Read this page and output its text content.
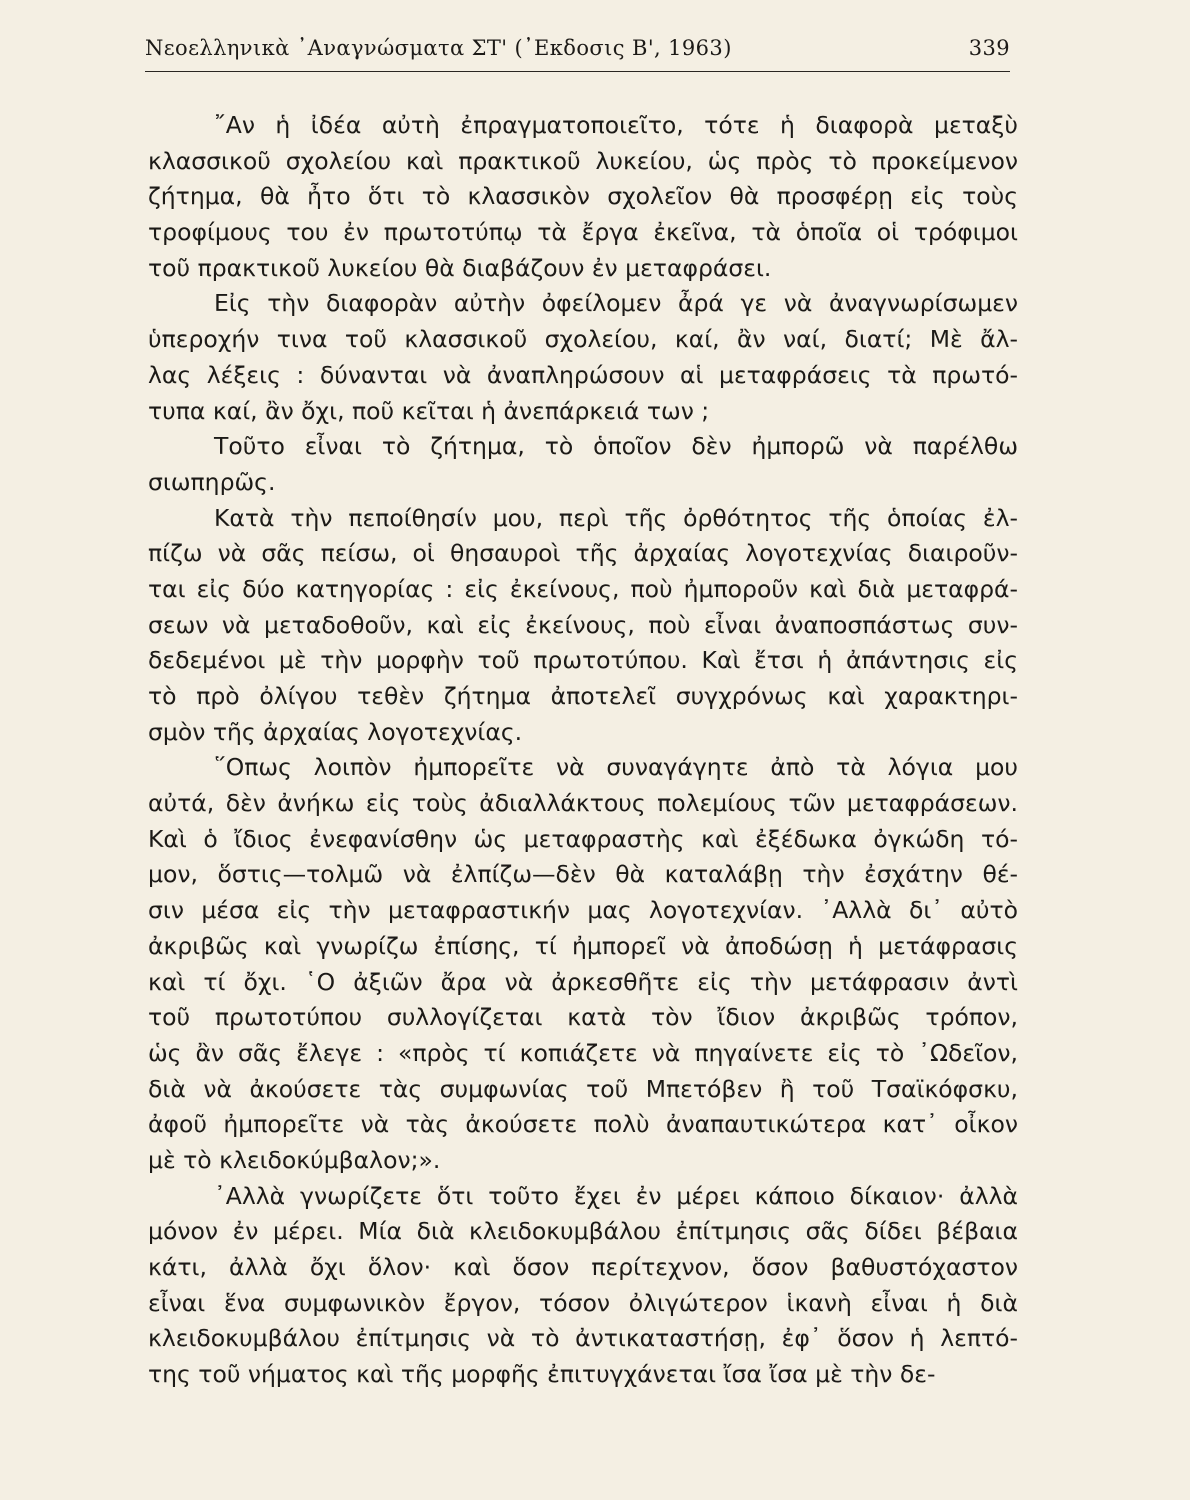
Νεοελληνικὰ ᾿Αναγνώσματα ΣΤ' (᾿Εκδοσις Β', 1963)	339
῎Αν ἡ ἰδέα αὐτὴ ἐπραγματοποιεῖτο, τότε ἡ διαφορὰ μεταξὺ
κλασσικοῦ σχολείου καὶ πρακτικοῦ λυκείου, ὡς πρὸς τὸ προκείμενον
ζήτημα, θὰ ἦτο ὅτι τὸ κλασσικὸν σχολεῖον θὰ προσφέρῃ εἰς τοὺς
τροφίμους του ἐν πρωτοτύπῳ τὰ ἔργα ἐκεῖνα, τὰ ὁποῖα οἱ τρόφιμοι
τοῦ πρακτικοῦ λυκείου θὰ διαβάζουν ἐν μεταφράσει.
Εἰς τὴν διαφορὰν αὐτὴν ὀφείλομεν ἆρά γε νὰ ἀναγνωρίσωμεν
ὑπεροχήν τινα τοῦ κλασσικοῦ σχολείου, καί, ἂν ναί, διατί; Μὲ ἄλ-
λας λέξεις : δύνανται νὰ ἀναπληρώσουν αἱ μεταφράσεις τὰ πρωτό-
τυπα καί, ἂν ὄχι, ποῦ κεῖται ἡ ἀνεπάρκειά των ;
Τοῦτο εἶναι τὸ ζήτημα, τὸ ὁποῖον δὲν ἠμπορῶ νὰ παρέλθω
σιωπηρῶς.
Κατὰ τὴν πεποίθησίν μου, περὶ τῆς ὀρθότητος τῆς ὁποίας ἐλ-
πίζω νὰ σᾶς πείσω, οἱ θησαυροὶ τῆς ἀρχαίας λογοτεχνίας διαιροῦν-
ται εἰς δύο κατηγορίας : εἰς ἐκείνους, ποὺ ἠμποροῦν καὶ διὰ μεταφρά-
σεων νὰ μεταδοθοῦν, καὶ εἰς ἐκείνους, ποὺ εἶναι ἀναποσπάστως συν-
δεδεμένοι μὲ τὴν μορφὴν τοῦ πρωτοτύπου. Καὶ ἔτσι ἡ ἀπάντησις εἰς
τὸ πρὸ ὀλίγου τεθὲν ζήτημα ἀποτελεῖ συγχρόνως καὶ χαρακτηρι-
σμὸν τῆς ἀρχαίας λογοτεχνίας.
῞Οπως λοιπὸν ἠμπορεῖτε νὰ συναγάγητε ἀπὸ τὰ λόγια μου
αὐτά, δὲν ἀνήκω εἰς τοὺς ἀδιαλλάκτους πολεμίους τῶν μεταφράσεων.
Καὶ ὁ ἴδιος ἐνεφανίσθην ὡς μεταφραστὴς καὶ ἐξέδωκα ὀγκώδη τό-
μον, ὅστις—τολμῶ νὰ ἐλπίζω—δὲν θὰ καταλάβῃ τὴν ἐσχάτην θέ-
σιν μέσα εἰς τὴν μεταφραστικήν μας λογοτεχνίαν. ᾿Αλλὰ δι᾿ αὐτὸ
ἀκριβῶς καὶ γνωρίζω ἐπίσης, τί ἠμπορεῖ νὰ ἀποδώσῃ ἡ μετάφρασις
καὶ τί ὄχι. ῾Ο ἀξιῶν ἄρα νὰ ἀρκεσθῆτε εἰς τὴν μετάφρασιν ἀντὶ
τοῦ πρωτοτύπου συλλογίζεται κατὰ τὸν ἴδιον ἀκριβῶς τρόπον,
ὡς ἂν σᾶς ἔλεγε : «πρὸς τί κοπιάζετε νὰ πηγαίνετε εἰς τὸ ᾿Ωδεῖον,
διὰ νὰ ἀκούσετε τὰς συμφωνίας τοῦ Μπετόβεν ἢ τοῦ Τσαϊκόφσκυ,
ἀφοῦ ἠμπορεῖτε νὰ τὰς ἀκούσετε πολὺ ἀναπαυτικώτερα κατ᾿ οἶκον
μὲ τὸ κλειδοκύμβαλον;».
᾿Αλλὰ γνωρίζετε ὅτι τοῦτο ἔχει ἐν μέρει κάποιο δίκαιον· ἀλλὰ
μόνον ἐν μέρει. Μία διὰ κλειδοκυμβάλου ἐπίτμησις σᾶς δίδει βέβαια
κάτι, ἀλλὰ ὄχι ὅλον· καὶ ὅσον περίτεχνον, ὅσον βαθυστόχαστον
εἶναι ἕνα συμφωνικὸν ἔργον, τόσον ὀλιγώτερον ἱκανὴ εἶναι ἡ διὰ
κλειδοκυμβάλου ἐπίτμησις νὰ τὸ ἀντικαταστήσῃ, ἐφ᾿ ὅσον ἡ λεπτό-
της τοῦ νήματος καὶ τῆς μορφῆς ἐπιτυγχάνεται ἴσα ἴσα μὲ τὴν δε-
